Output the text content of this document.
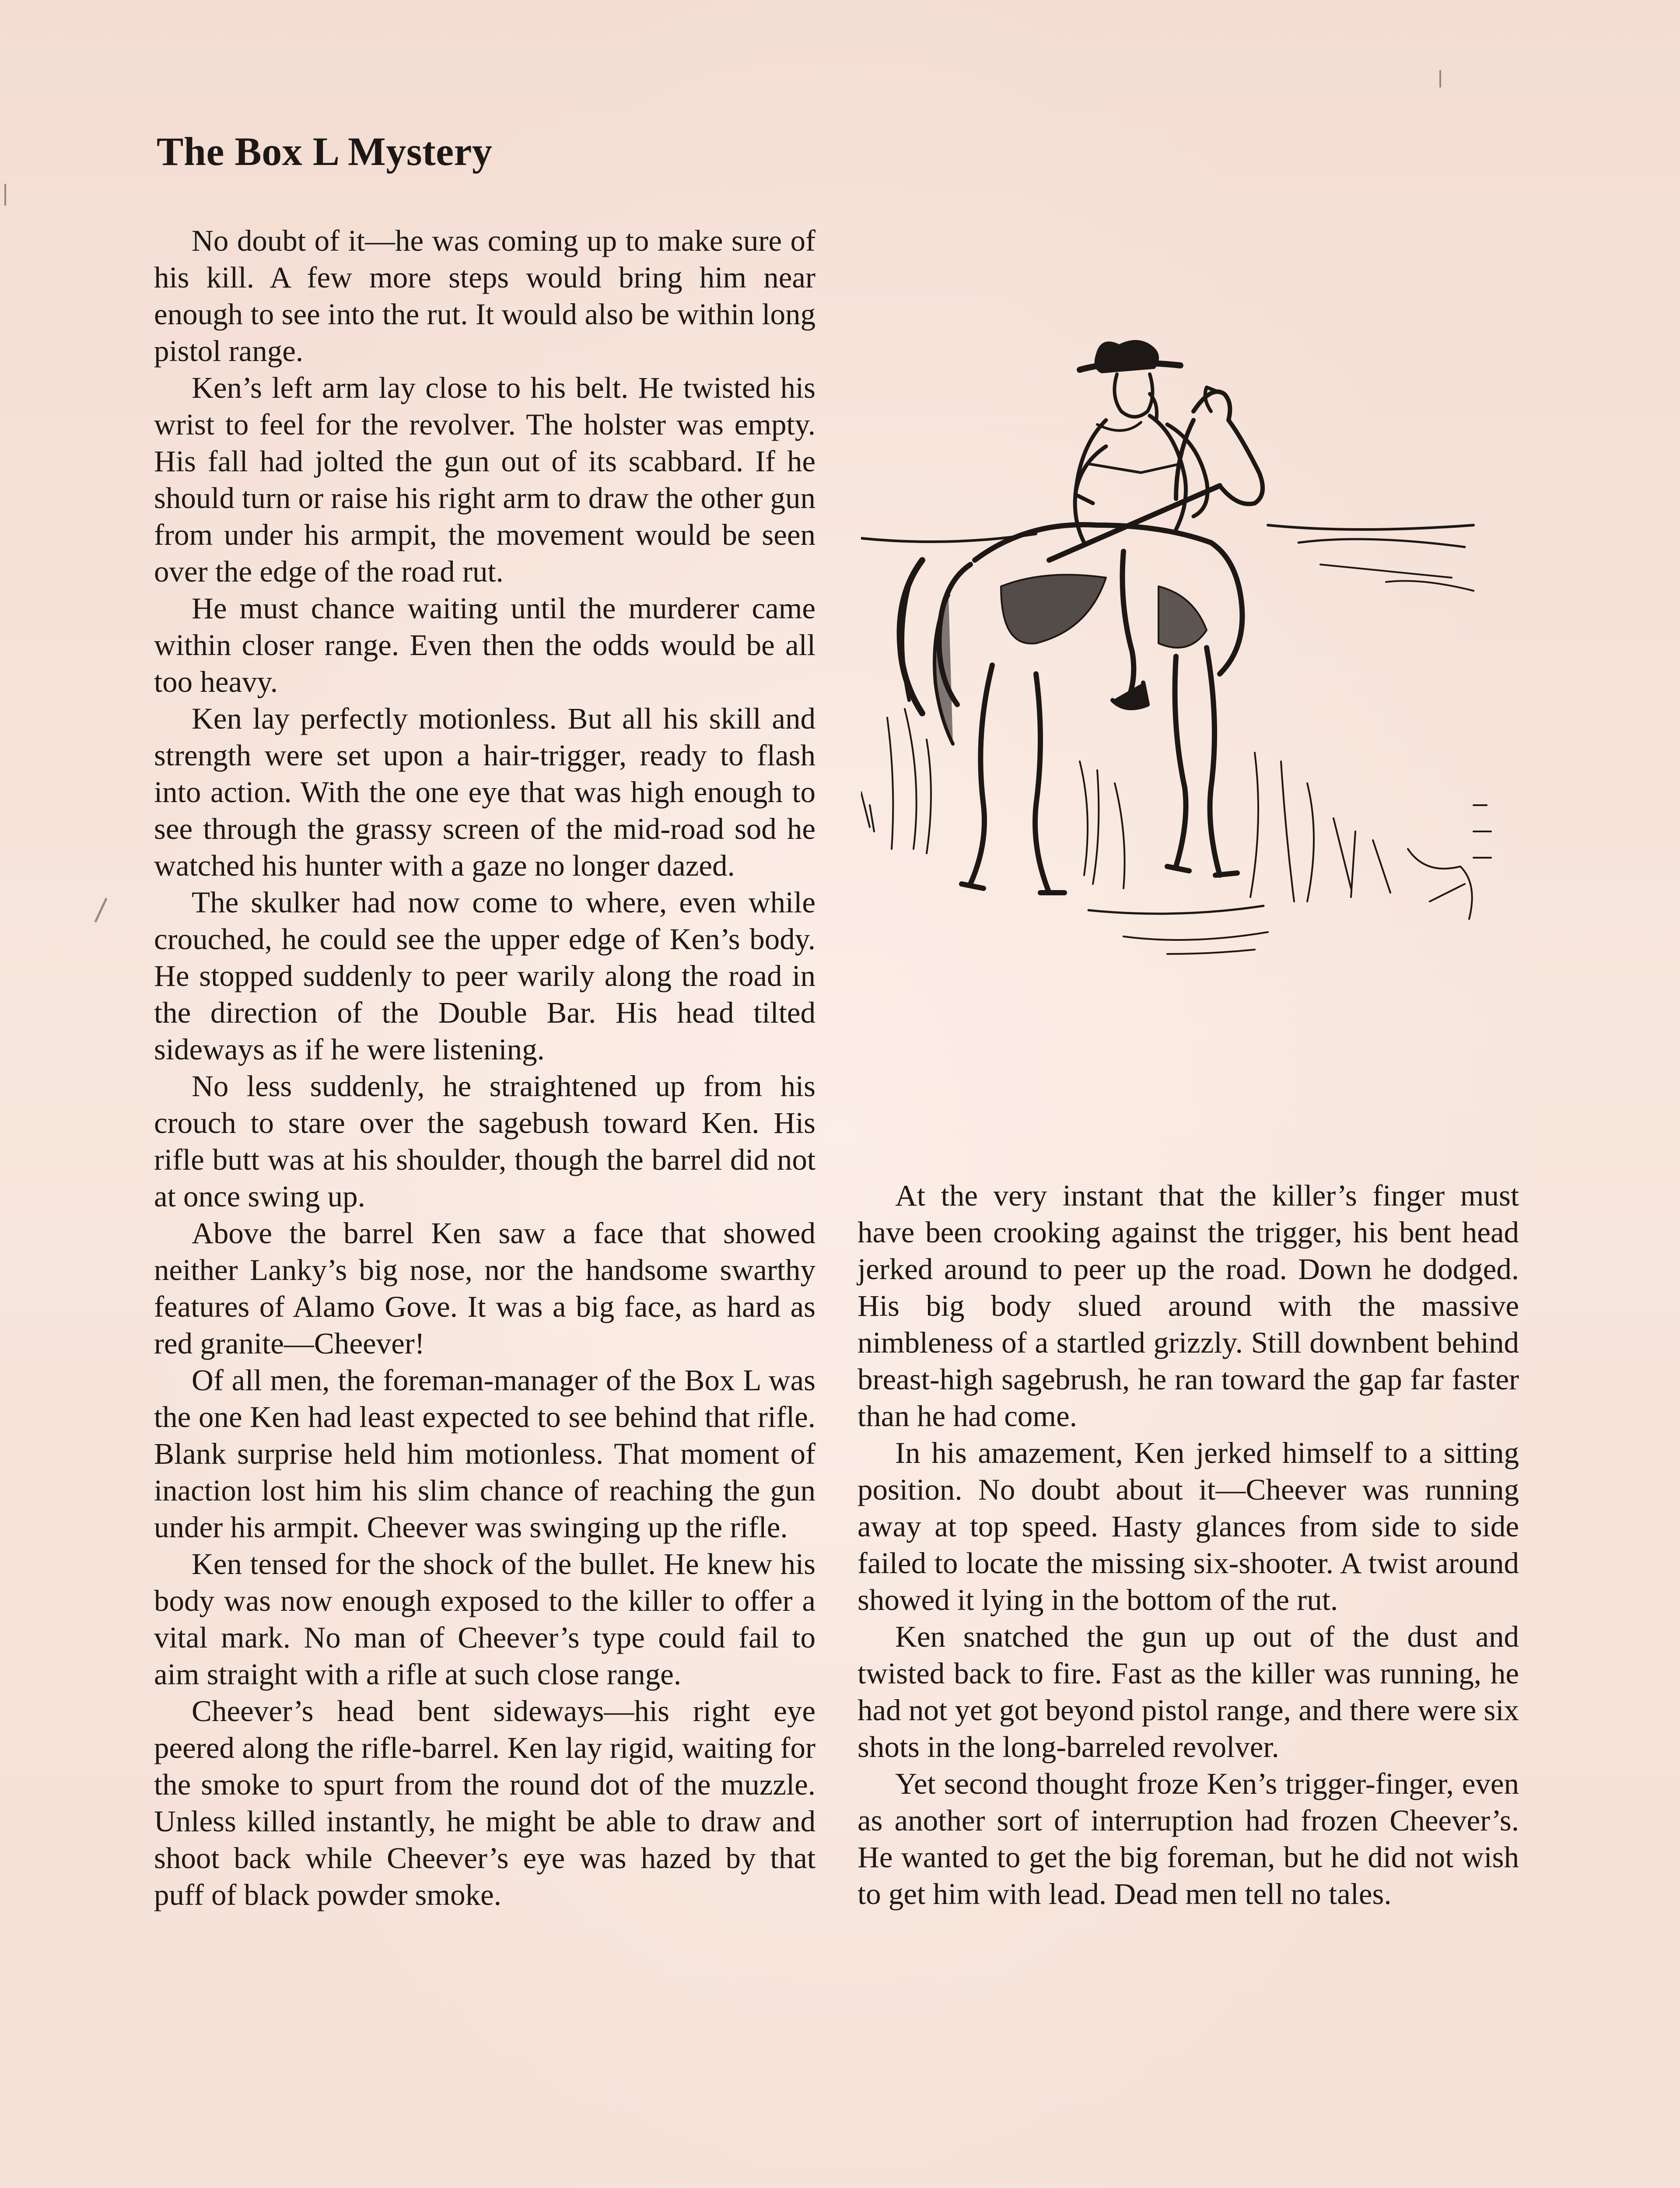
The Box L Mystery

No doubt of it—he was coming up to make sure of his kill. A few more steps would bring him near enough to see into the rut. It would also be within long pistol range.

Ken’s left arm lay close to his belt. He twisted his wrist to feel for the revolver. The holster was empty. His fall had jolted the gun out of its scabbard. If he should turn or raise his right arm to draw the other gun from under his armpit, the movement would be seen over the edge of the road rut.

He must chance waiting until the murderer came within closer range. Even then the odds would be all too heavy.

Ken lay perfectly motionless. But all his skill and strength were set upon a hair-trigger, ready to flash into action. With the one eye that was high enough to see through the grassy screen of the mid-road sod he watched his hunter with a gaze no longer dazed.

The skulker had now come to where, even while crouched, he could see the upper edge of Ken’s body. He stopped suddenly to peer warily along the road in the direction of the Double Bar. His head tilted sideways as if he were listening.

No less suddenly, he straightened up from his crouch to stare over the sagebush toward Ken. His rifle butt was at his shoulder, though the barrel did not at once swing up.

Above the barrel Ken saw a face that showed neither Lanky’s big nose, nor the handsome swarthy features of Alamo Gove. It was a big face, as hard as red granite—Cheever!

Of all men, the foreman-manager of the Box L was the one Ken had least expected to see behind that rifle. Blank surprise held him motionless. That moment of inaction lost him his slim chance of reaching the gun under his armpit. Cheever was swinging up the rifle.

Ken tensed for the shock of the bullet. He knew his body was now enough exposed to the killer to offer a vital mark. No man of Cheever’s type could fail to aim straight with a rifle at such close range.

Cheever’s head bent sideways—his right eye peered along the rifle-barrel. Ken lay rigid, waiting for the smoke to spurt from the round dot of the muzzle. Unless killed instantly, he might be able to draw and shoot back while Cheever’s eye was hazed by that puff of black powder smoke.

At the very instant that the killer’s finger must have been crooking against the trigger, his bent head jerked around to peer up the road. Down he dodged. His big body slued around with the massive nimbleness of a startled grizzly. Still downbent behind breast-high sagebrush, he ran toward the gap far faster than he had come.

In his amazement, Ken jerked himself to a sitting position. No doubt about it—Cheever was running away at top speed. Hasty glances from side to side failed to locate the missing six-shooter. A twist around showed it lying in the bottom of the rut.

Ken snatched the gun up out of the dust and twisted back to fire. Fast as the killer was running, he had not yet got beyond pistol range, and there were six shots in the long-barreled revolver.

Yet second thought froze Ken’s trigger-finger, even as another sort of interruption had frozen Cheever’s. He wanted to get the big foreman, but he did not wish to get him with lead. Dead men tell no tales.
